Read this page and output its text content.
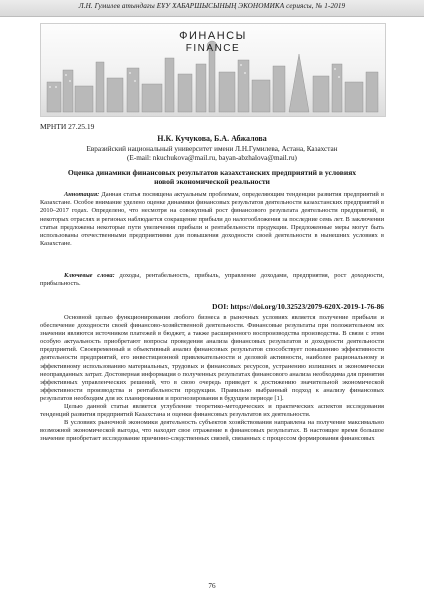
Л.Н. Гумилев атындағы ЕҰУ ХАБАРШЫСЫНЫҢ ЭКОНОМИКА сериясы, № 1-2019
ФИНАНСЫ
FINANCE
МРНТИ 27.25.19
Н.К. Кучукова, Б.А. Абжалова
Евразийский национальный университет имени Л.Н.Гумилева, Астана, Казахстан
(E-mail: nkuchukova@mail.ru, bayan-abzhalova@mail.ru)
Оценка динамики финансовых результатов казахстанских предприятий в условиях новой экономической реальности
Аннотация: Данная статья посвящена актуальным проблемам, определяющим тенденции развития предприятий в Казахстане. Особое внимание уделено оценке динамики финансовых результатов деятельности казахстанских предприятий в 2010–2017 годах. Определено, что несмотря на совокупный рост финансового результата деятельности предприятий, в некоторых отраслях и регионах наблюдается сокращение прибыли до налогообложения за последние семь лет. В заключении статьи предложены некоторые пути увеличения прибыли и рентабельности продукции. Предложенные меры могут быть использованы отечественными предприятиями для повышения доходности своей деятельности в нынешних условиях в Казахстане.
Ключевые слова: доходы, рентабельность, прибыль, управление доходами, предприятия, рост доходности, прибыльность.
DOI: https://doi.org/10.32523/2079-620X-2019-1-76-86

Основной целью функционирования любого бизнеса в рыночных условиях является получение прибыли и обеспечение доходности своей финансово-хозяйственной деятельности. Финансовые результаты при положительном их значении являются источником платежей в бюджет, а также расширенного воспроизводства производства. В связи с этим особую актуальность приобретают вопросы проведения анализа финансовых результатов и доходности деятельности предприятий. Своевременный и объективный анализ финансовых результатов способствует повышению эффективности деятельности предприятий, его инвестиционной привлекательности и деловой активности, наиболее рациональному и эффективному использованию материальных, трудовых и финансовых ресурсов, устранению излишних и экономически неоправданных затрат. Достоверная информация о полученных результатах финансового анализа необходима для принятия эффективных управленческих решений, что в свою очередь приведет к достижению значительной экономической эффективности производства и рентабельности продукции. Правильно выбранный подход к анализу финансовых результатов необходим для их планирования и прогнозирования в будущем периоде [1].

Целью данной статьи является углубление теоретико-методических и практических аспектов исследования тенденций развития предприятий Казахстана и оценки финансовых результатов их деятельности.

В условиях рыночной экономики деятельность субъектов хозяйствования направлена на получение максимально возможной экономической выгоды, что находит свое отражение в финансовых результатах. В настоящее время большое значение приобретает исследование причинно-следственных связей, связанных с процессом формирования финансовых

76
